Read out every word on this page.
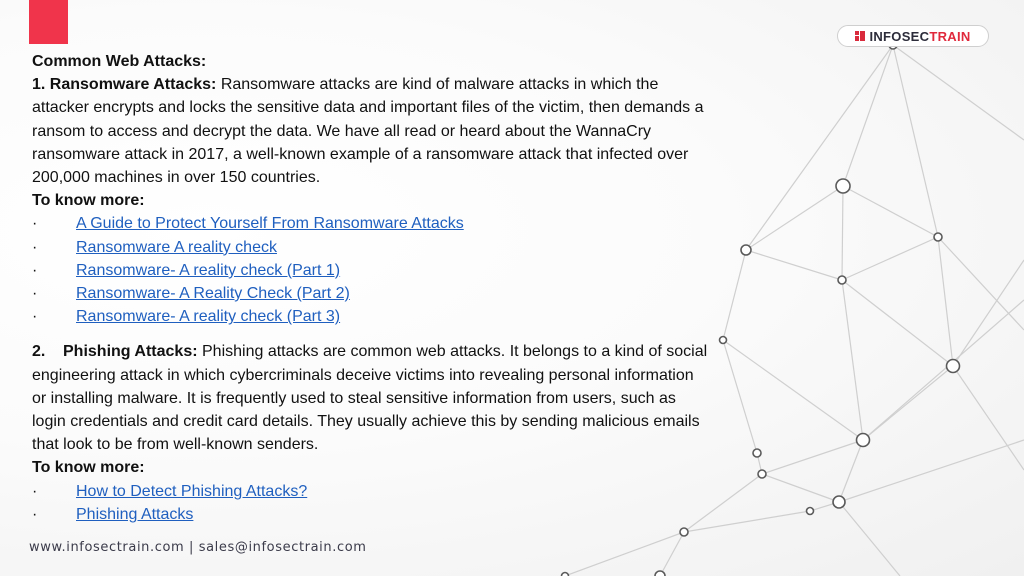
INFOSECTRAIN

Common Web Attacks:

1. Ransomware Attacks: Ransomware attacks are kind of malware attacks in which the attacker encrypts and locks the sensitive data and important files of the victim, then demands a ransom to access and decrypt the data. We have all read or heard about the WannaCry ransomware attack in 2017, a well-known example of a ransomware attack that infected over 200,000 machines in over 150 countries.

To know more:

·	A Guide to Protect Yourself From Ransomware Attacks
·	Ransomware A reality check
·	Ransomware- A reality check (Part 1)
·	Ransomware- A Reality Check (Part 2)
·	Ransomware- A reality check (Part 3)

2. Phishing Attacks: Phishing attacks are common web attacks. It belongs to a kind of social engineering attack in which cybercriminals deceive victims into revealing personal information or installing malware. It is frequently used to steal sensitive information from users, such as login credentials and credit card details. They usually achieve this by sending malicious emails that look to be from well-known senders.

To know more:

·	How to Detect Phishing Attacks?
·	Phishing Attacks
www.infosectrain.com | sales@infosectrain.com
